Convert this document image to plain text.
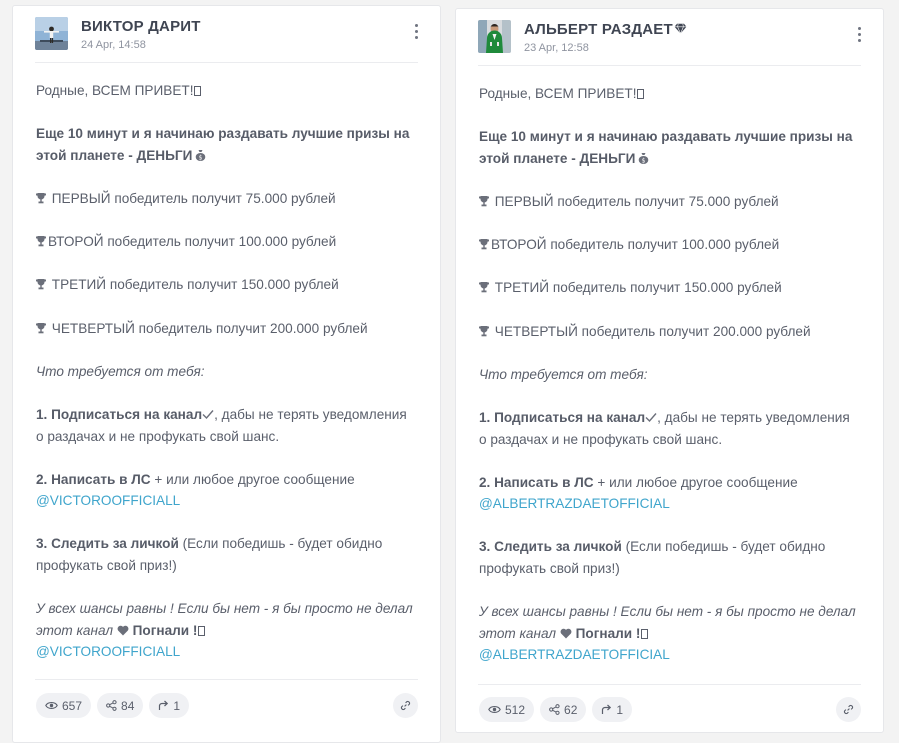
ВИКТОР ДАРИТ
24 Apr, 14:58

Родные, ВСЕМ ПРИВЕТ!

Еще 10 минут и я начинаю раздавать лучшие призы на этой планете - ДЕНЬГИ $

ПЕРВЫЙ победитель получит 75.000 рублей

ВТОРОЙ победитель получит 100.000 рублей

ТРЕТИЙ победитель получит 150.000 рублей

ЧЕТВЕРТЫЙ победитель получит 200.000 рублей

Что требуется от тебя:

1. Подписаться на канал , дабы не терять уведомления о раздачах и не профукать свой шанс.

2. Написать в ЛС + или любое другое сообщение

@VICTOROOFFICIALL

3. Следить за личкой (Если победишь - будет обидно профукать свой приз!)

У всех шансы равны ! Если бы нет - я бы просто не делал этот канал  Погнали !

@VICTOROOFFICIALL

657	84	1
АЛЬБЕРТ РАЗДАЕТ
23 Apr, 12:58

Родные, ВСЕМ ПРИВЕТ!

Еще 10 минут и я начинаю раздавать лучшие призы на этой планете - ДЕНЬГИ $

ПЕРВЫЙ победитель получит 75.000 рублей

ВТОРОЙ победитель получит 100.000 рублей

ТРЕТИЙ победитель получит 150.000 рублей

ЧЕТВЕРТЫЙ победитель получит 200.000 рублей

Что требуется от тебя:

1. Подписаться на канал , дабы не терять уведомления о раздачах и не профукать свой шанс.

2. Написать в ЛС + или любое другое сообщение

@ALBERTRAZDAETOFFICIAL

3. Следить за личкой (Если победишь - будет обидно профукать свой приз!)

У всех шансы равны ! Если бы нет - я бы просто не делал этот канал  Погнали !

@ALBERTRAZDAETOFFICIAL

512	62	1
